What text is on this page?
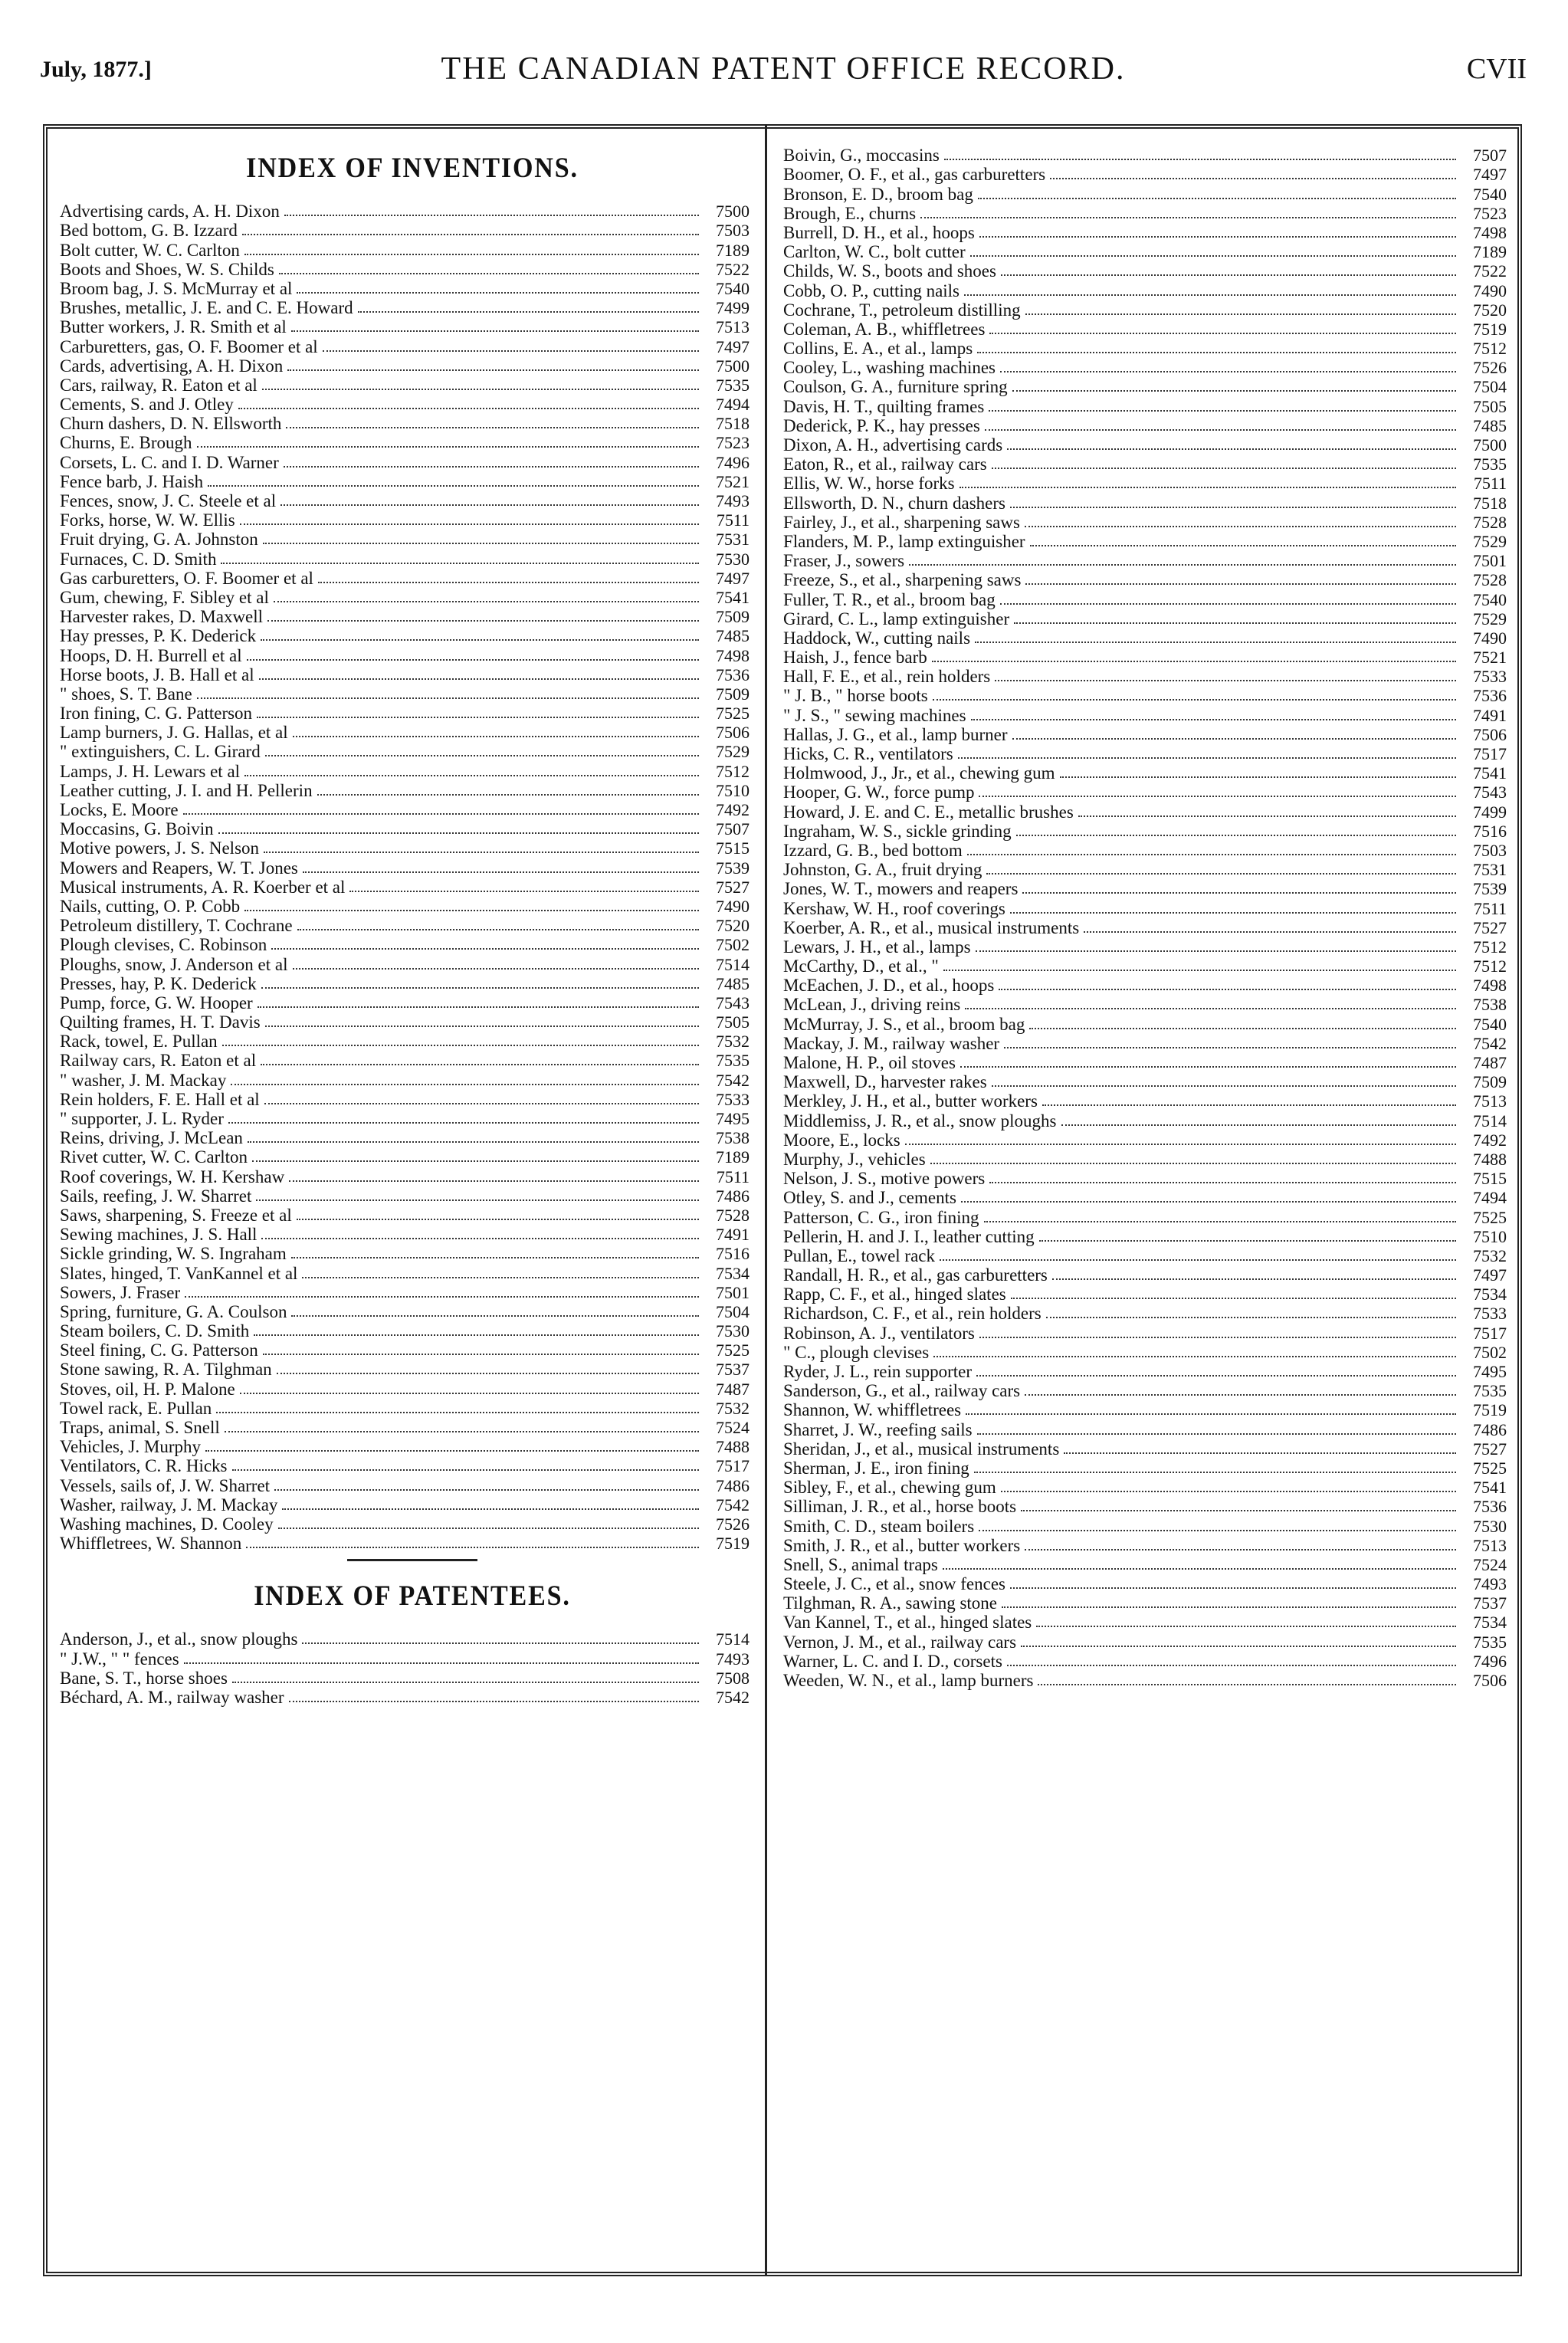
July, 1877.]	THE CANADIAN PATENT OFFICE RECORD.	CVII
INDEX OF INVENTIONS.
Advertising cards, A. H. Dixon	7500
Bed bottom, G. B. Izzard	7503
Bolt cutter, W. C. Carlton	7189
Boots and Shoes, W. S. Childs	7522
Broom bag, J. S. McMurray et al	7540
Brushes, metallic, J. E. and C. E. Howard	7499
Butter workers, J. R. Smith et al	7513
Carburetters, gas, O. F. Boomer et al	7497
Cards, advertising, A. H. Dixon	7500
Cars, railway, R. Eaton et al	7535
Cements, S. and J. Otley	7494
Churn dashers, D. N. Ellsworth	7518
Churns, E. Brough	7523
Corsets, L. C. and I. D. Warner	7496
Fence barb, J. Haish	7521
Fences, snow, J. C. Steele et al	7493
Forks, horse, W. W. Ellis	7511
Fruit drying, G. A. Johnston	7531
Furnaces, C. D. Smith	7530
Gas carburetters, O. F. Boomer et al	7497
Gum, chewing, F. Sibley et al	7541
Harvester rakes, D. Maxwell	7509
Hay presses, P. K. Dederick	7485
Hoops, D. H. Burrell et al	7498
Horse boots, J. B. Hall et al	7536
" shoes, S. T. Bane	7509
Iron fining, C. G. Patterson	7525
Lamp burners, J. G. Hallas, et al	7506
" extinguishers, C. L. Girard	7529
Lamps, J. H. Lewars et al	7512
Leather cutting, J. I. and H. Pellerin	7510
Locks, E. Moore	7492
Moccasins, G. Boivin	7507
Motive powers, J. S. Nelson	7515
Mowers and Reapers, W. T. Jones	7539
Musical instruments, A. R. Koerber et al	7527
Nails, cutting, O. P. Cobb	7490
Petroleum distillery, T. Cochrane	7520
Plough clevises, C. Robinson	7502
Ploughs, snow, J. Anderson et al	7514
Presses, hay, P. K. Dederick	7485
Pump, force, G. W. Hooper	7543
Quilting frames, H. T. Davis	7505
Rack, towel, E. Pullan	7532
Railway cars, R. Eaton et al	7535
" washer, J. M. Mackay	7542
Rein holders, F. E. Hall et al	7533
" supporter, J. L. Ryder	7495
Reins, driving, J. McLean	7538
Rivet cutter, W. C. Carlton	7189
Roof coverings, W. H. Kershaw	7511
Sails, reefing, J. W. Sharret	7486
Saws, sharpening, S. Freeze et al	7528
Sewing machines, J. S. Hall	7491
Sickle grinding, W. S. Ingraham	7516
Slates, hinged, T. VanKannel et al	7534
Sowers, J. Fraser	7501
Spring, furniture, G. A. Coulson	7504
Steam boilers, C. D. Smith	7530
Steel fining, C. G. Patterson	7525
Stone sawing, R. A. Tilghman	7537
Stoves, oil, H. P. Malone	7487
Towel rack, E. Pullan	7532
Traps, animal, S. Snell	7524
Vehicles, J. Murphy	7488
Ventilators, C. R. Hicks	7517
Vessels, sails of, J. W. Sharret	7486
Washer, railway, J. M. Mackay	7542
Washing machines, D. Cooley	7526
Whiffletrees, W. Shannon	7519
INDEX OF PATENTEES.
Anderson, J., et al., snow ploughs	7514
" J.W., " " fences	7493
Bane, S. T., horse shoes	7508
Béchard, A. M., railway washer	7542
Boivin, G., moccasins	7507
Boomer, O. F., et al., gas carburetters	7497
Bronson, E. D., broom bag	7540
Brough, E., churns	7523
Burrell, D. H., et al., hoops	7498
Carlton, W. C., bolt cutter	7189
Childs, W. S., boots and shoes	7522
Cobb, O. P., cutting nails	7490
Cochrane, T., petroleum distilling	7520
Coleman, A. B., whiffletrees	7519
Collins, E. A., et al., lamps	7512
Cooley, L., washing machines	7526
Coulson, G. A., furniture spring	7504
Davis, H. T., quilting frames	7505
Dederick, P. K., hay presses	7485
Dixon, A. H., advertising cards	7500
Eaton, R., et al., railway cars	7535
Ellis, W. W., horse forks	7511
Ellsworth, D. N., churn dashers	7518
Fairley, J., et al., sharpening saws	7528
Flanders, M. P., lamp extinguisher	7529
Fraser, J., sowers	7501
Freeze, S., et al., sharpening saws	7528
Fuller, T. R., et al., broom bag	7540
Girard, C. L., lamp extinguisher	7529
Haddock, W., cutting nails	7490
Haish, J., fence barb	7521
Hall, F. E., et al., rein holders	7533
" J. B., " horse boots	7536
" J. S., " sewing machines	7491
Hallas, J. G., et al., lamp burner	7506
Hicks, C. R., ventilators	7517
Holmwood, J., Jr., et al., chewing gum	7541
Hooper, G. W., force pump	7543
Howard, J. E. and C. E., metallic brushes	7499
Ingraham, W. S., sickle grinding	7516
Izzard, G. B., bed bottom	7503
Johnston, G. A., fruit drying	7531
Jones, W. T., mowers and reapers	7539
Kershaw, W. H., roof coverings	7511
Koerber, A. R., et al., musical instruments	7527
Lewars, J. H., et al., lamps	7512
McCarthy, D., et al., "	7512
McEachen, J. D., et al., hoops	7498
McLean, J., driving reins	7538
McMurray, J. S., et al., broom bag	7540
Mackay, J. M., railway washer	7542
Malone, H. P., oil stoves	7487
Maxwell, D., harvester rakes	7509
Merkley, J. H., et al., butter workers	7513
Middlemiss, J. R., et al., snow ploughs	7514
Moore, E., locks	7492
Murphy, J., vehicles	7488
Nelson, J. S., motive powers	7515
Otley, S. and J., cements	7494
Patterson, C. G., iron fining	7525
Pellerin, H. and J. I., leather cutting	7510
Pullan, E., towel rack	7532
Randall, H. R., et al., gas carburetters	7497
Rapp, C. F., et al., hinged slates	7534
Richardson, C. F., et al., rein holders	7533
Robinson, A. J., ventilators	7517
" C., plough clevises	7502
Ryder, J. L., rein supporter	7495
Sanderson, G., et al., railway cars	7535
Shannon, W. whiffletrees	7519
Sharret, J. W., reefing sails	7486
Sheridan, J., et al., musical instruments	7527
Sherman, J. E., iron fining	7525
Sibley, F., et al., chewing gum	7541
Silliman, J. R., et al., horse boots	7536
Smith, C. D., steam boilers	7530
Smith, J. R., et al., butter workers	7513
Snell, S., animal traps	7524
Steele, J. C., et al., snow fences	7493
Tilghman, R. A., sawing stone	7537
Van Kannel, T., et al., hinged slates	7534
Vernon, J. M., et al., railway cars	7535
Warner, L. C. and I. D., corsets	7496
Weeden, W. N., et al., lamp burners	7506
